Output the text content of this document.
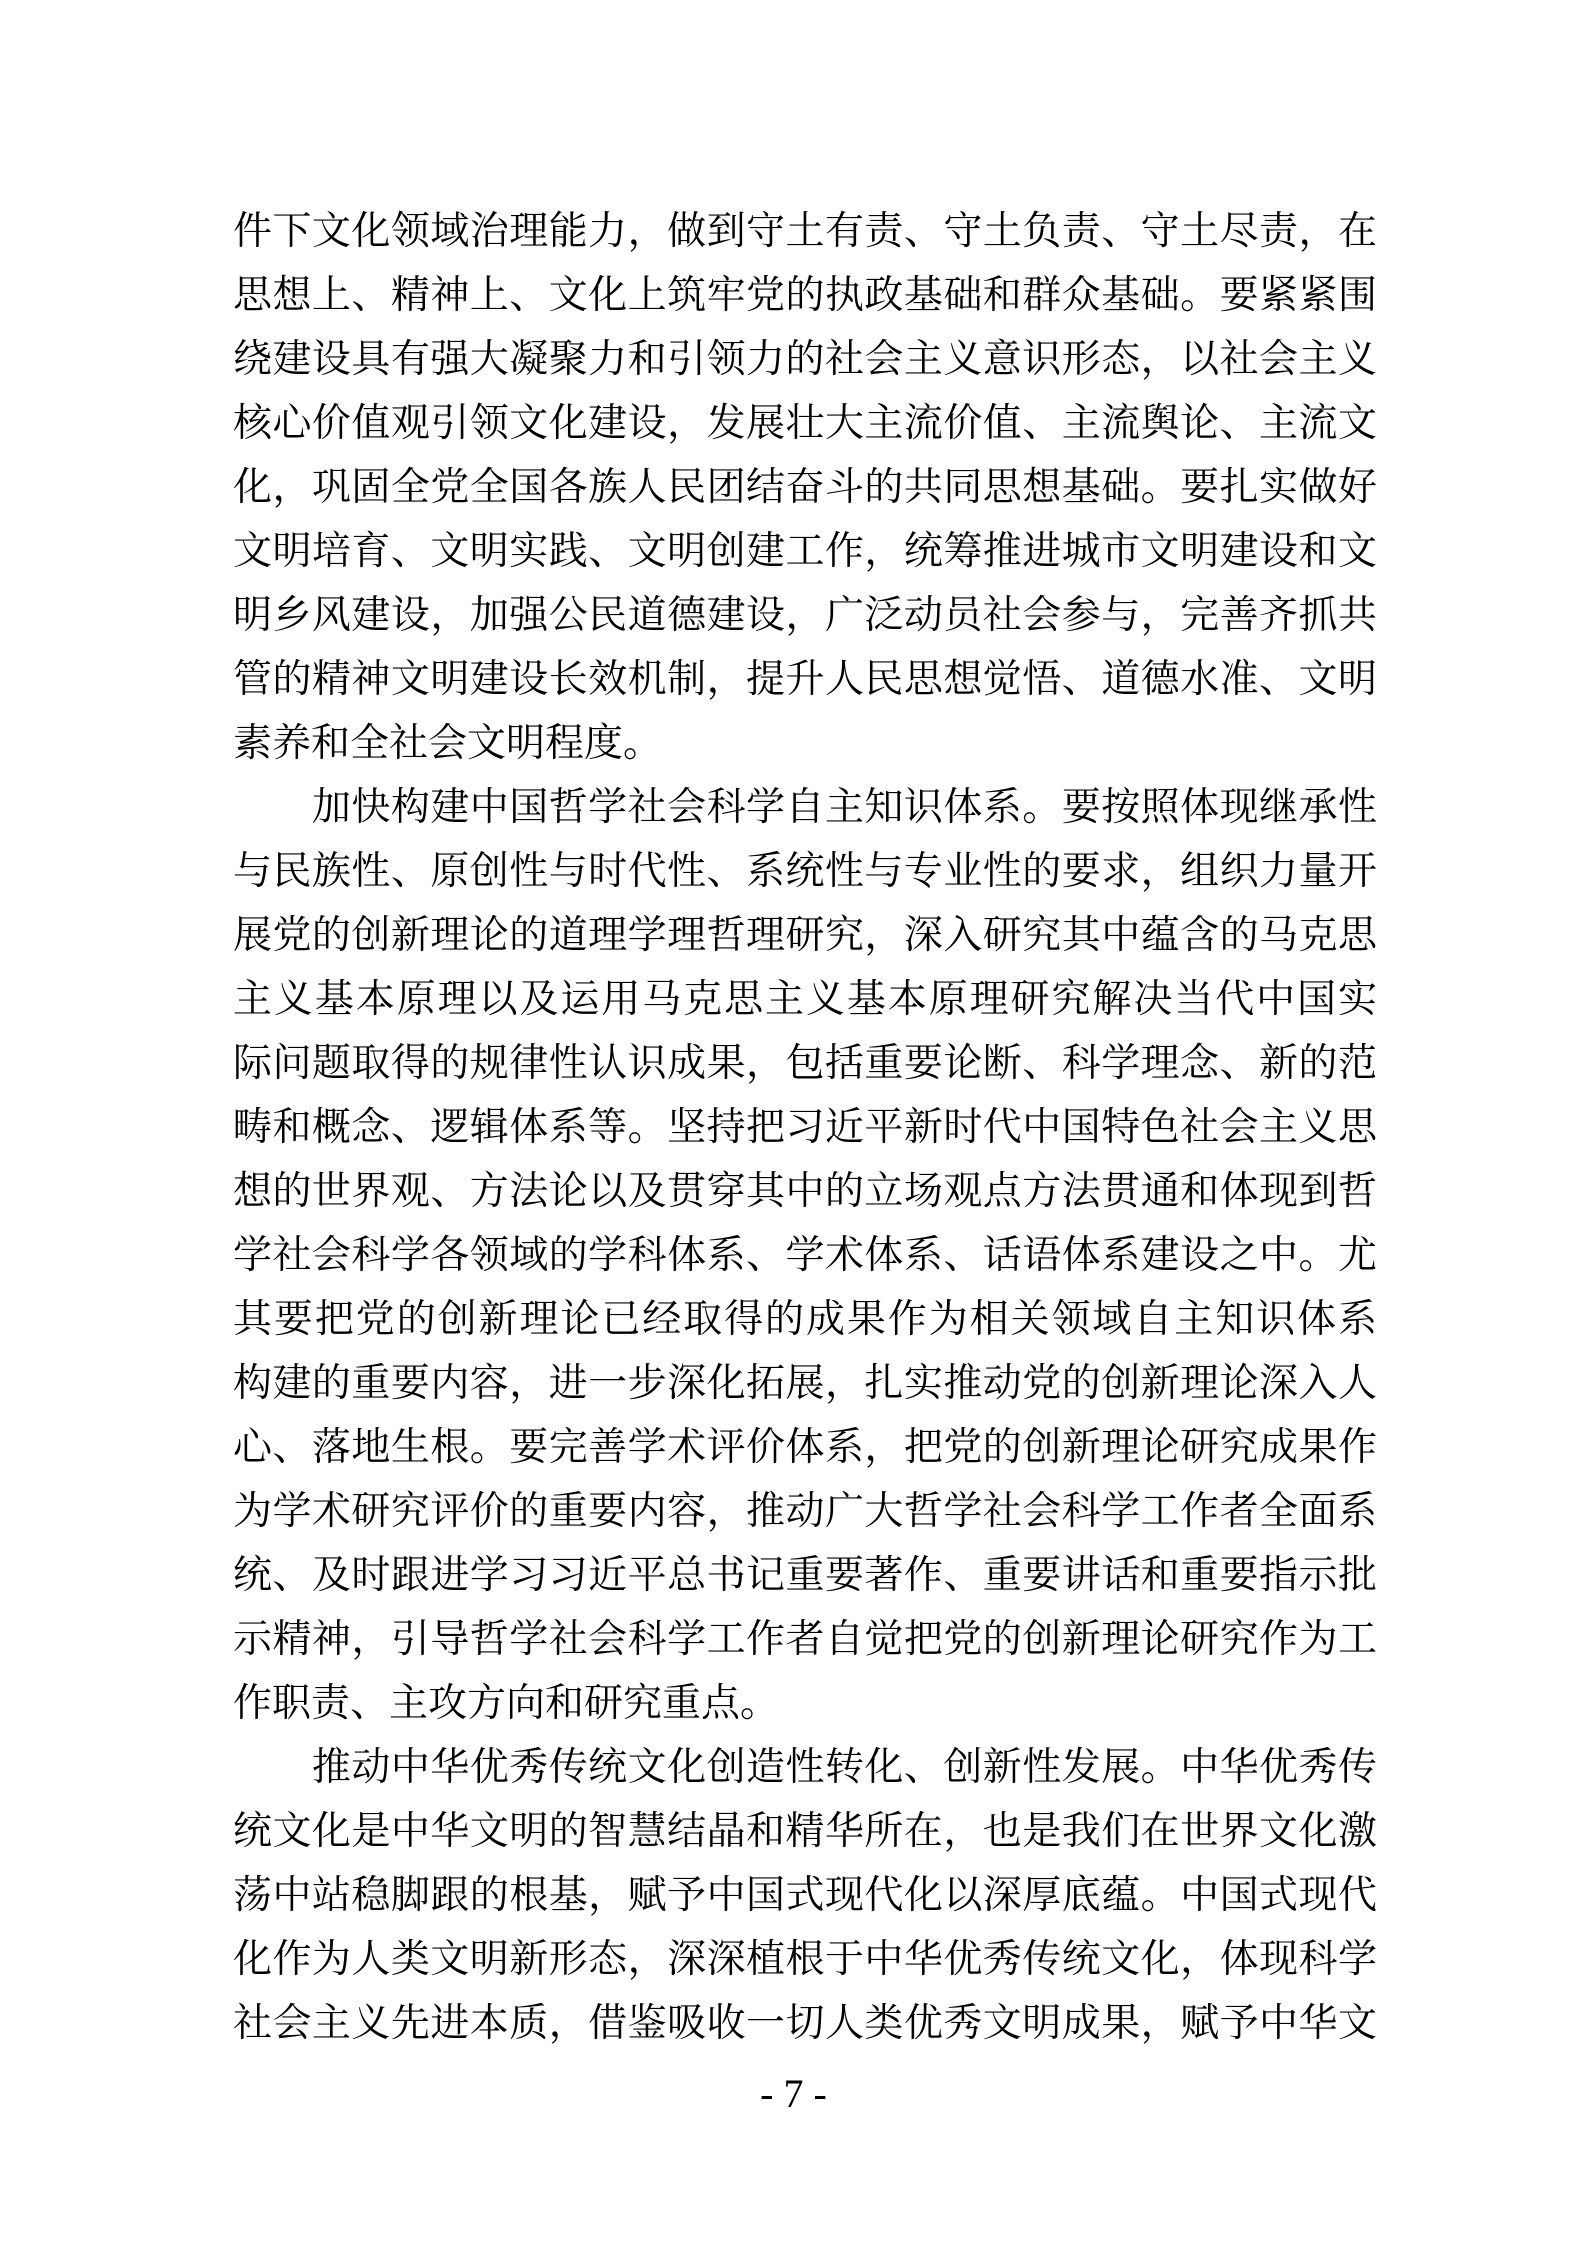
件下文化领域治理能力，做到守土有责、守土负责、守土尽责，在
思想上、精神上、文化上筑牢党的执政基础和群众基础。要紧紧围
绕建设具有强大凝聚力和引领力的社会主义意识形态，以社会主义
核心价值观引领文化建设，发展壮大主流价值、主流舆论、主流文
化，巩固全党全国各族人民团结奋斗的共同思想基础。要扎实做好
文明培育、文明实践、文明创建工作，统筹推进城市文明建设和文
明乡风建设，加强公民道德建设，广泛动员社会参与，完善齐抓共
管的精神文明建设长效机制，提升人民思想觉悟、道德水准、文明
素养和全社会文明程度。
　　加快构建中国哲学社会科学自主知识体系。要按照体现继承性
与民族性、原创性与时代性、系统性与专业性的要求，组织力量开
展党的创新理论的道理学理哲理研究，深入研究其中蕴含的马克思
主义基本原理以及运用马克思主义基本原理研究解决当代中国实
际问题取得的规律性认识成果，包括重要论断、科学理念、新的范
畴和概念、逻辑体系等。坚持把习近平新时代中国特色社会主义思
想的世界观、方法论以及贯穿其中的立场观点方法贯通和体现到哲
学社会科学各领域的学科体系、学术体系、话语体系建设之中。尤
其要把党的创新理论已经取得的成果作为相关领域自主知识体系
构建的重要内容，进一步深化拓展，扎实推动党的创新理论深入人
心、落地生根。要完善学术评价体系，把党的创新理论研究成果作
为学术研究评价的重要内容，推动广大哲学社会科学工作者全面系
统、及时跟进学习习近平总书记重要著作、重要讲话和重要指示批
示精神，引导哲学社会科学工作者自觉把党的创新理论研究作为工
作职责、主攻方向和研究重点。
　　推动中华优秀传统文化创造性转化、创新性发展。中华优秀传
统文化是中华文明的智慧结晶和精华所在，也是我们在世界文化激
荡中站稳脚跟的根基，赋予中国式现代化以深厚底蕴。中国式现代
化作为人类文明新形态，深深植根于中华优秀传统文化，体现科学
社会主义先进本质，借鉴吸收一切人类优秀文明成果，赋予中华文
- 7 -
